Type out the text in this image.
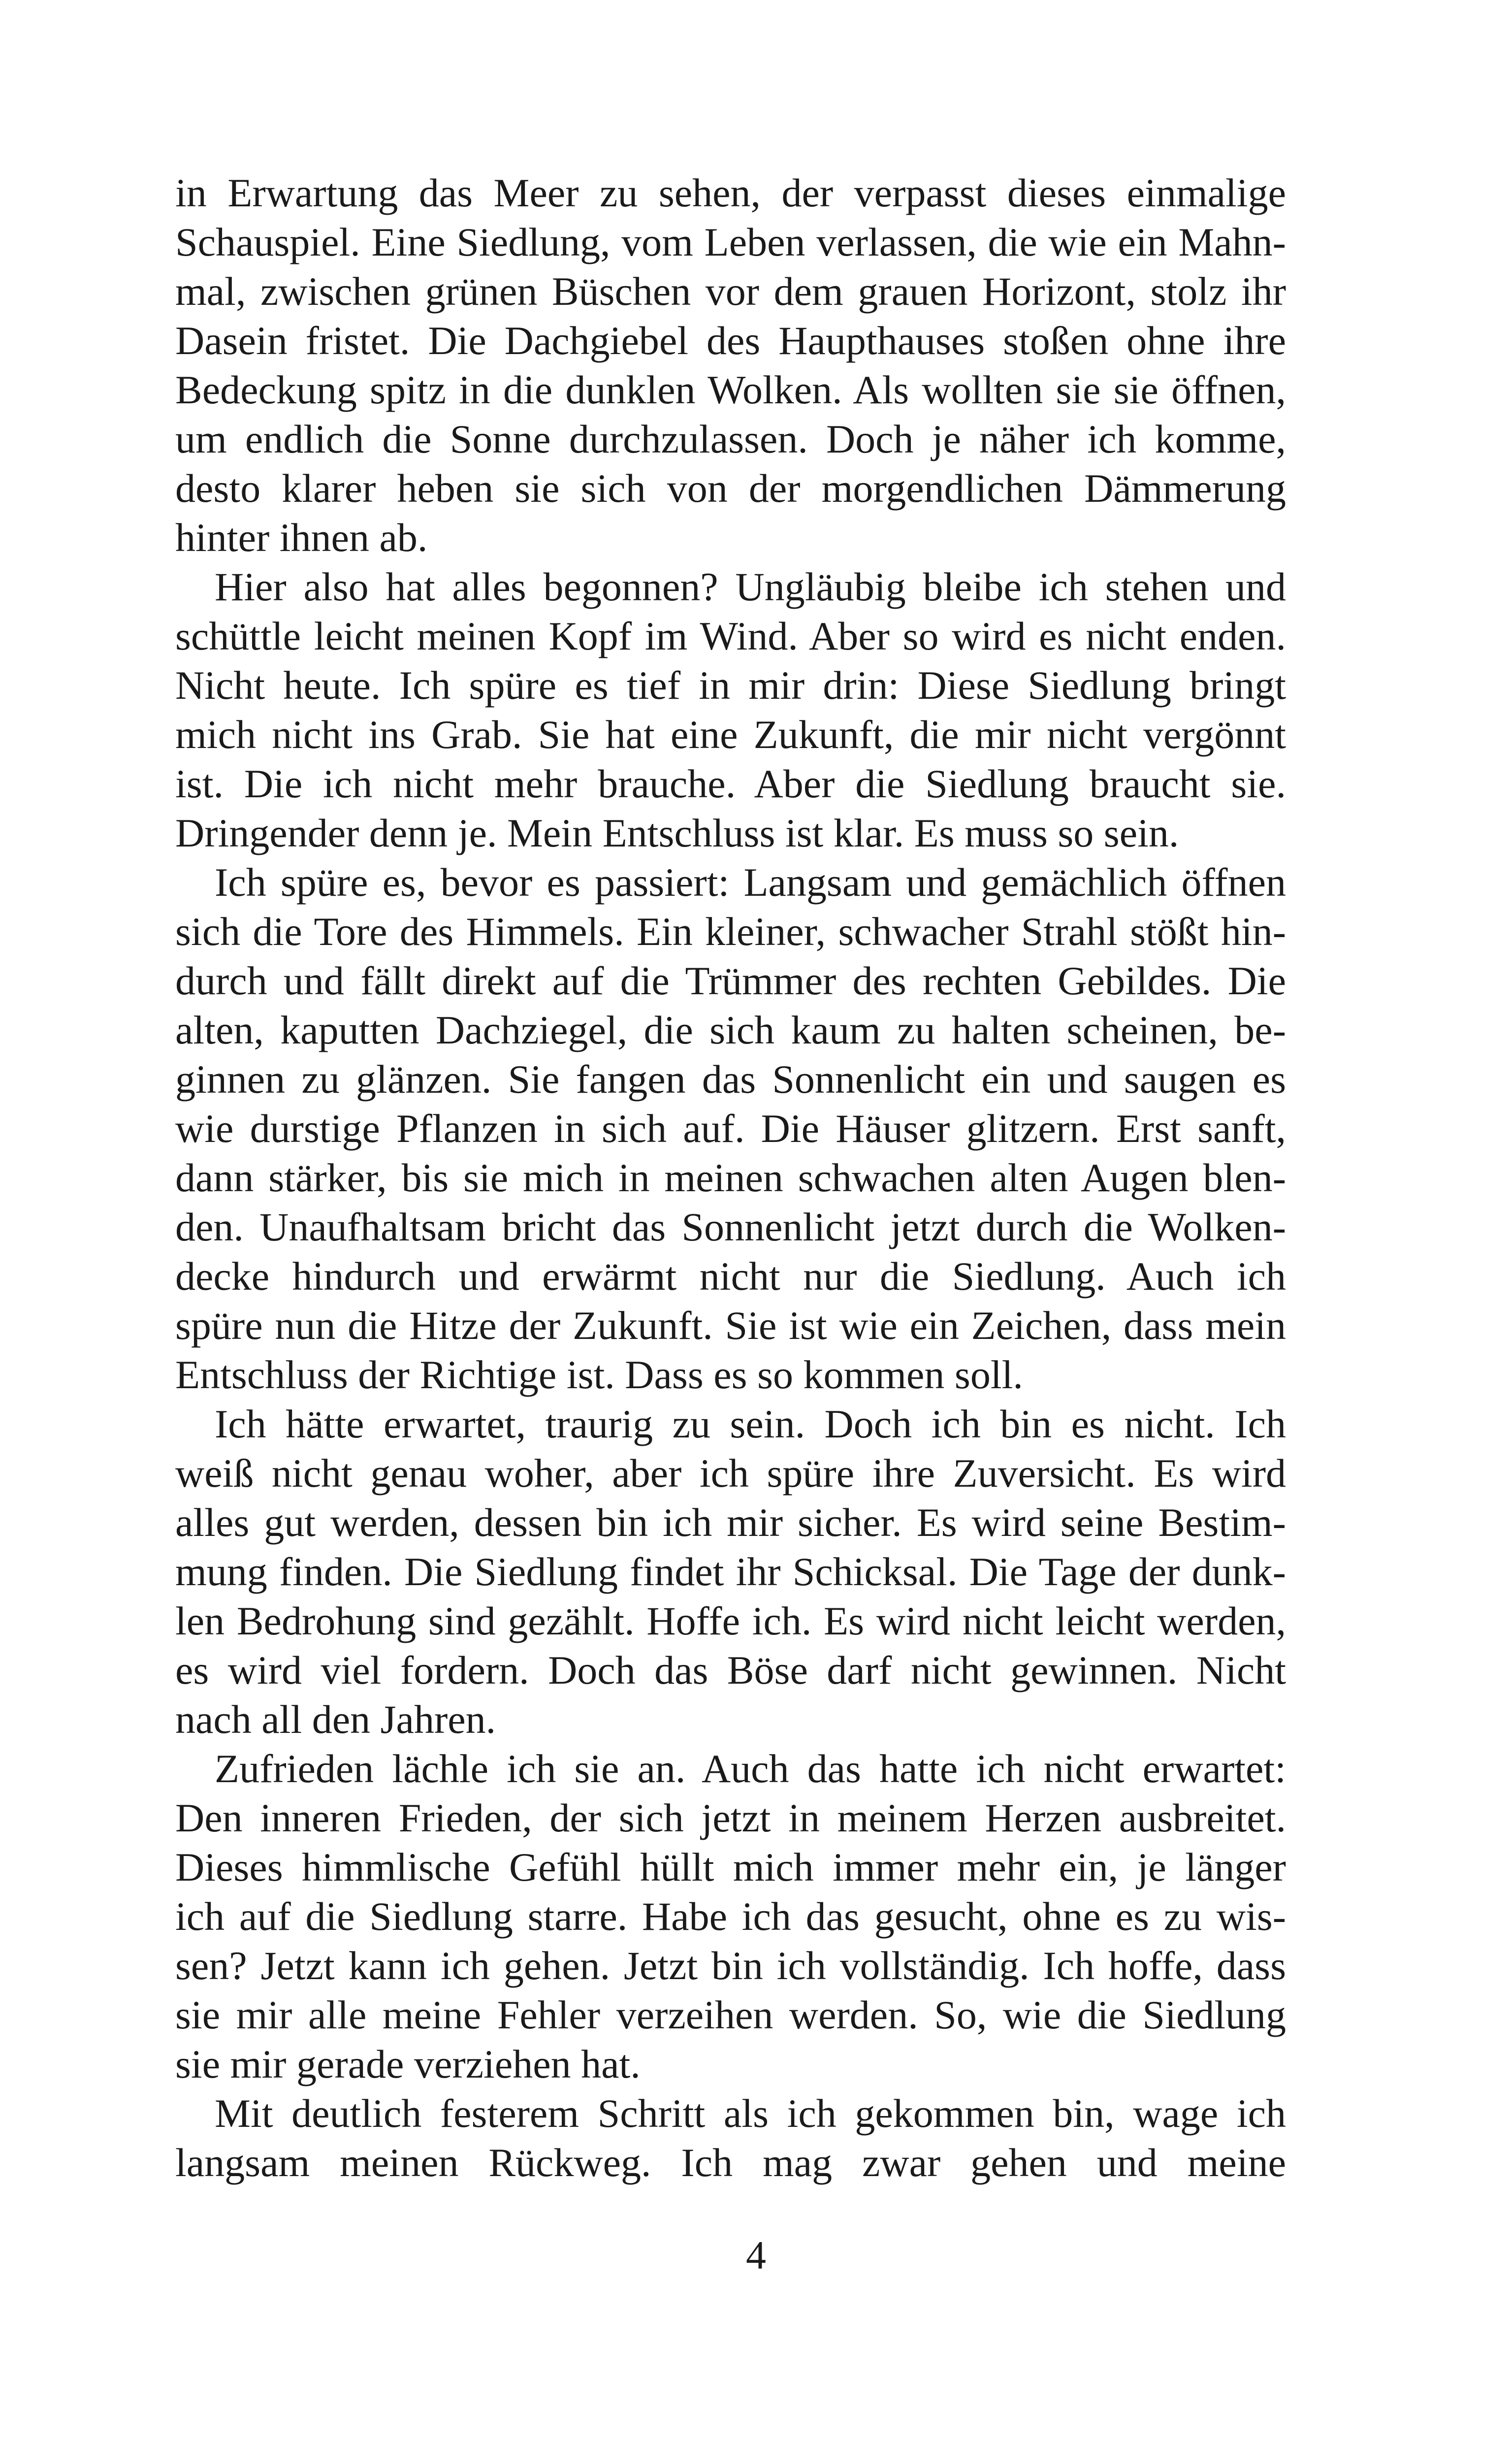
in Erwartung das Meer zu sehen, der verpasst dieses einmalige
Schauspiel. Eine Siedlung, vom Leben verlassen, die wie ein Mahn-
mal, zwischen grünen Büschen vor dem grauen Horizont, stolz ihr
Dasein fristet. Die Dachgiebel des Haupthauses stoßen ohne ihre
Bedeckung spitz in die dunklen Wolken. Als wollten sie sie öffnen,
um endlich die Sonne durchzulassen. Doch je näher ich komme,
desto klarer heben sie sich von der morgendlichen Dämmerung
hinter ihnen ab.
Hier also hat alles begonnen? Ungläubig bleibe ich stehen und
schüttle leicht meinen Kopf im Wind. Aber so wird es nicht enden.
Nicht heute. Ich spüre es tief in mir drin: Diese Siedlung bringt
mich nicht ins Grab. Sie hat eine Zukunft, die mir nicht vergönnt
ist. Die ich nicht mehr brauche. Aber die Siedlung braucht sie.
Dringender denn je. Mein Entschluss ist klar. Es muss so sein.
Ich spüre es, bevor es passiert: Langsam und gemächlich öffnen
sich die Tore des Himmels. Ein kleiner, schwacher Strahl stößt hin-
durch und fällt direkt auf die Trümmer des rechten Gebildes. Die
alten, kaputten Dachziegel, die sich kaum zu halten scheinen, be-
ginnen zu glänzen. Sie fangen das Sonnenlicht ein und saugen es
wie durstige Pflanzen in sich auf. Die Häuser glitzern. Erst sanft,
dann stärker, bis sie mich in meinen schwachen alten Augen blen-
den. Unaufhaltsam bricht das Sonnenlicht jetzt durch die Wolken-
decke hindurch und erwärmt nicht nur die Siedlung. Auch ich
spüre nun die Hitze der Zukunft. Sie ist wie ein Zeichen, dass mein
Entschluss der Richtige ist. Dass es so kommen soll.
Ich hätte erwartet, traurig zu sein. Doch ich bin es nicht. Ich
weiß nicht genau woher, aber ich spüre ihre Zuversicht. Es wird
alles gut werden, dessen bin ich mir sicher. Es wird seine Bestim-
mung finden. Die Siedlung findet ihr Schicksal. Die Tage der dunk-
len Bedrohung sind gezählt. Hoffe ich. Es wird nicht leicht werden,
es wird viel fordern. Doch das Böse darf nicht gewinnen. Nicht
nach all den Jahren.
Zufrieden lächle ich sie an. Auch das hatte ich nicht erwartet:
Den inneren Frieden, der sich jetzt in meinem Herzen ausbreitet.
Dieses himmlische Gefühl hüllt mich immer mehr ein, je länger
ich auf die Siedlung starre. Habe ich das gesucht, ohne es zu wis-
sen? Jetzt kann ich gehen. Jetzt bin ich vollständig. Ich hoffe, dass
sie mir alle meine Fehler verzeihen werden. So, wie die Siedlung
sie mir gerade verziehen hat.
Mit deutlich festerem Schritt als ich gekommen bin, wage ich
langsam meinen Rückweg. Ich mag zwar gehen und meine
4
